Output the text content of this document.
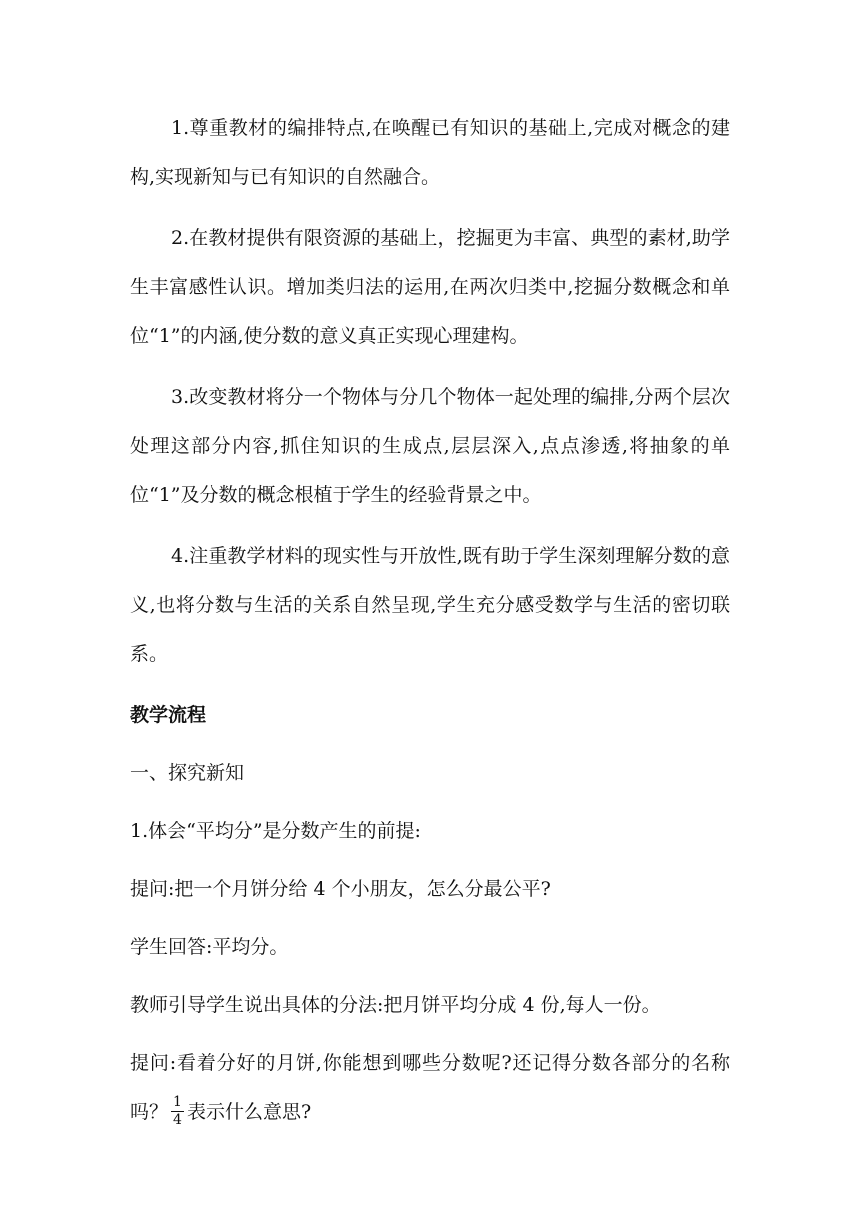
1.尊重教材的编排特点,在唤醒已有知识的基础上,完成对概念的建构,实现新知与已有知识的自然融合。

2.在教材提供有限资源的基础上，挖掘更为丰富、典型的素材,助学生丰富感性认识。增加类归法的运用,在两次归类中,挖掘分数概念和单位“1”的内涵,使分数的意义真正实现心理建构。

3.改变教材将分一个物体与分几个物体一起处理的编排,分两个层次处理这部分内容,抓住知识的生成点,层层深入,点点渗透,将抽象的单位“1”及分数的概念根植于学生的经验背景之中。

4.注重教学材料的现实性与开放性,既有助于学生深刻理解分数的意义,也将分数与生活的关系自然呈现,学生充分感受数学与生活的密切联系。

教学流程

一、探究新知

1.体会“平均分”是分数产生的前提:

提问:把一个月饼分给 4 个小朋友，怎么分最公平?

学生回答:平均分。

教师引导学生说出具体的分法:把月饼平均分成 4 份,每人一份。

提问:看着分好的月饼,你能想到哪些分数呢?还记得分数各部分的名称吗？ $\frac{1}{4}$ 表示什么意思?
